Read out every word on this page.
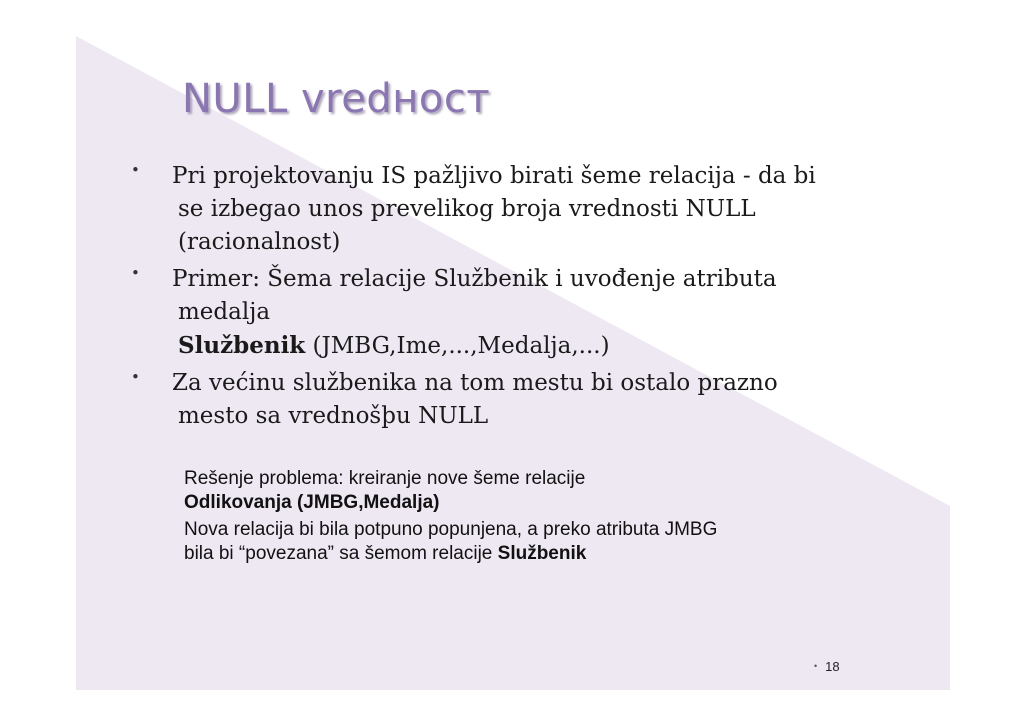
NULL vredност
• Pri projektovanju IS pažljivo birati šeme relacija - da bi
se izbegao unos prevelikog broja vrednosti NULL
(racionalnost)
• Primer: Šema relacije Službenik i uvođenje atributa
medalja
Službenik (JMBG,Ime,...,Medalja,...)
• Za većinu službenika na tom mestu bi ostalo prazno
mesto sa vrednošþu NULL
Rešenje problema: kreiranje nove šeme relacije
Odlikovanja (JMBG,Medalja)
Nova relacija bi bila potpuno popunjena, a preko atributa JMBG
bila bi “povezana” sa šemom relacije Službenik
• 18
